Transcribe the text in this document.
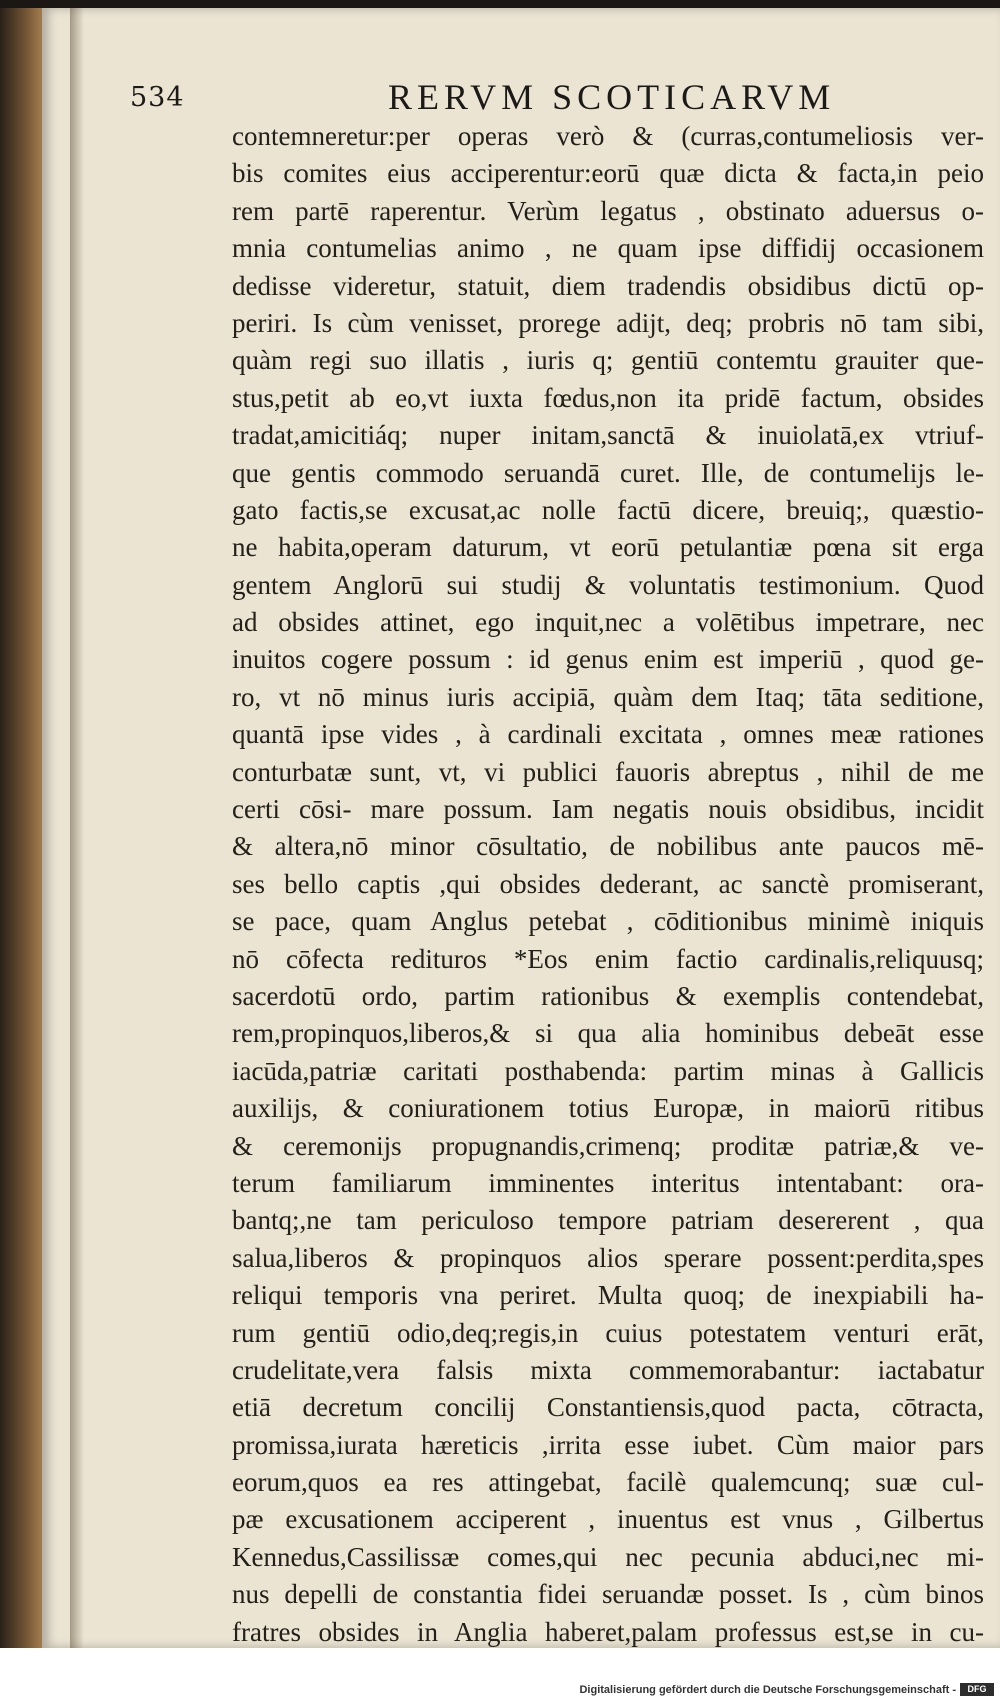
534	RERVM SCOTICARVM
contemneretur:per operas verò & (curras,contumeliosis ver-
bis comites eius acciperentur:eorū quæ dicta & facta,in peio
rem partē raperentur. Verùm legatus , obstinato aduersus o-
mnia contumelias animo , ne quam ipse diffidij occasionem
dedisse videretur, statuit, diem tradendis obsidibus dictū op-
periri. Is cùm venisset, prorege adijt, deq; probris nō tam sibi,
quàm regi suo illatis , iuris q; gentiū contemtu grauiter que-
stus,petit ab eo,vt iuxta fœdus,non ita pridē factum, obsides
tradat,amicitiáq; nuper initam,sanctā & inuiolatā,ex vtriuf-
que gentis commodo seruandā curet. Ille, de contumelijs le-
gato factis,se excusat,ac nolle factū dicere, breuiq;, quæstio-
ne habita,operam daturum, vt eorū petulantiæ pœna sit erga
gentem Anglorū sui studij & voluntatis testimonium. Quod
ad obsides attinet, ego inquit,nec a volētibus impetrare, nec
inuitos cogere possum : id genus enim est imperiū , quod ge-
ro, vt nō minus iuris accipiā, quàm dem Itaq; tāta seditione,
quantā ipse vides , à cardinali excitata , omnes meæ rationes
conturbatæ sunt, vt, vi publici fauoris abreptus , nihil de me
certi cōsi- mare possum. Iam negatis nouis obsidibus, incidit
& altera,nō minor cōsultatio, de nobilibus ante paucos mē-
ses bello captis ,qui obsides dederant, ac sanctè promiserant,
se pace, quam Anglus petebat , cōditionibus minimè iniquis
nō cōfecta redituros *Eos enim factio cardinalis,reliquusq;
sacerdotū ordo, partim rationibus & exemplis contendebat,
rem,propinquos,liberos,& si qua alia hominibus debeāt esse
iacūda,patriæ caritati posthabenda: partim minas à Gallicis
auxilijs, & coniurationem totius Europæ, in maiorū ritibus
& ceremonijs propugnandis,crimenq; proditæ patriæ,& ve-
terum familiarum imminentes interitus intentabant: ora-
bantq;,ne tam periculoso tempore patriam desererent , qua
salua,liberos & propinquos alios sperare possent:perdita,spes
reliqui temporis vna periret. Multa quoq; de inexpiabili ha-
rum gentiū odio,deq;regis,in cuius potestatem venturi erāt,
crudelitate,vera falsis mixta commemorabantur: iactabatur
etiā decretum concilij Constantiensis,quod pacta, cōtracta,
promissa,iurata hæreticis ,irrita esse iubet. Cùm maior pars
eorum,quos ea res attingebat, facilè qualemcunq; suæ cul-
pæ excusationem acciperent , inuentus est vnus , Gilbertus
Kennedus,Cassilissæ comes,qui nec pecunia abduci,nec mi-
nus depelli de constantia fidei seruandæ posset. Is , cùm binos
fratres obsides in Anglia haberet,palam professus est,se in cu-
Digitalisierung gefördert durch die Deutsche Forschungsgemeinschaft -	DFG
